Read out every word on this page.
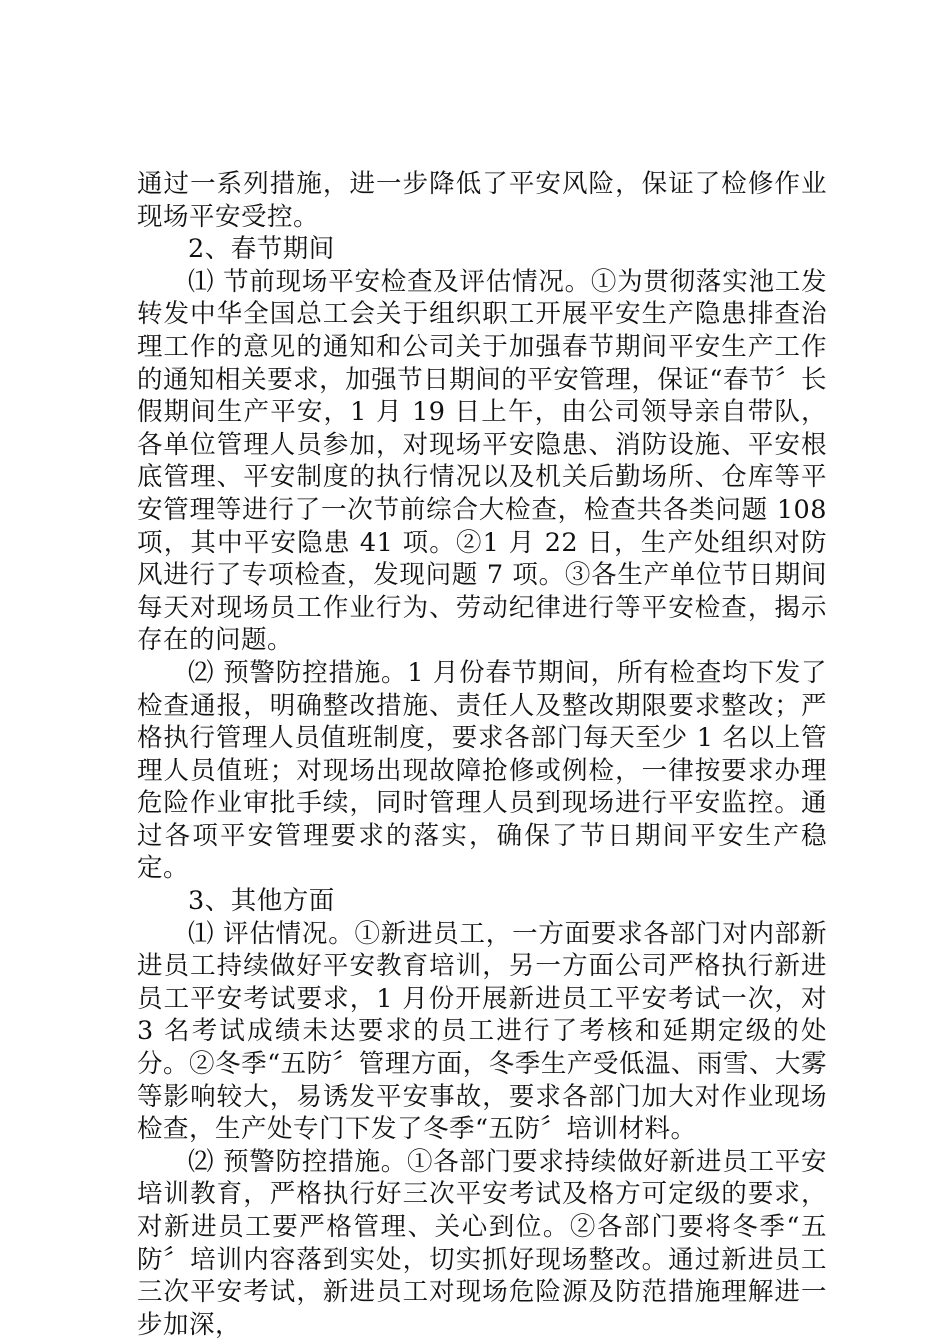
通过一系列措施，进一步降低了平安风险，保证了检修作业现场平安受控。

2、春节期间

⑴ 节前现场平安检查及评估情况。①为贯彻落实池工发转发中华全国总工会关于组织职工开展平安生产隐患排查治理工作的意见的通知和公司关于加强春节期间平安生产工作的通知相关要求，加强节日期间的平安管理，保证“春节〞长假期间生产平安，1 月 19 日上午，由公司领导亲自带队，各单位管理人员参加，对现场平安隐患、消防设施、平安根底管理、平安制度的执行情况以及机关后勤场所、仓库等平安管理等进行了一次节前综合大检查，检查共各类问题 108 项，其中平安隐患 41 项。②1 月 22 日，生产处组织对防风进行了专项检查，发现问题 7 项。③各生产单位节日期间每天对现场员工作业行为、劳动纪律进行等平安检查，揭示存在的问题。

⑵ 预警防控措施。1 月份春节期间，所有检查均下发了检查通报，明确整改措施、责任人及整改期限要求整改；严格执行管理人员值班制度，要求各部门每天至少 1 名以上管理人员值班；对现场出现故障抢修或例检，一律按要求办理危险作业审批手续，同时管理人员到现场进行平安监控。通过各项平安管理要求的落实，确保了节日期间平安生产稳定。

3、其他方面

⑴ 评估情况。①新进员工，一方面要求各部门对内部新进员工持续做好平安教育培训，另一方面公司严格执行新进员工平安考试要求，1 月份开展新进员工平安考试一次，对 3 名考试成绩未达要求的员工进行了考核和延期定级的处分。②冬季“五防〞管理方面，冬季生产受低温、雨雪、大雾等影响较大，易诱发平安事故，要求各部门加大对作业现场检查，生产处专门下发了冬季“五防〞培训材料。

⑵ 预警防控措施。①各部门要求持续做好新进员工平安培训教育，严格执行好三次平安考试及格方可定级的要求，对新进员工要严格管理、关心到位。②各部门要将冬季“五防〞培训内容落到实处，切实抓好现场整改。通过新进员工三次平安考试，新进员工对现场危险源及防范措施理解进一步加深，
